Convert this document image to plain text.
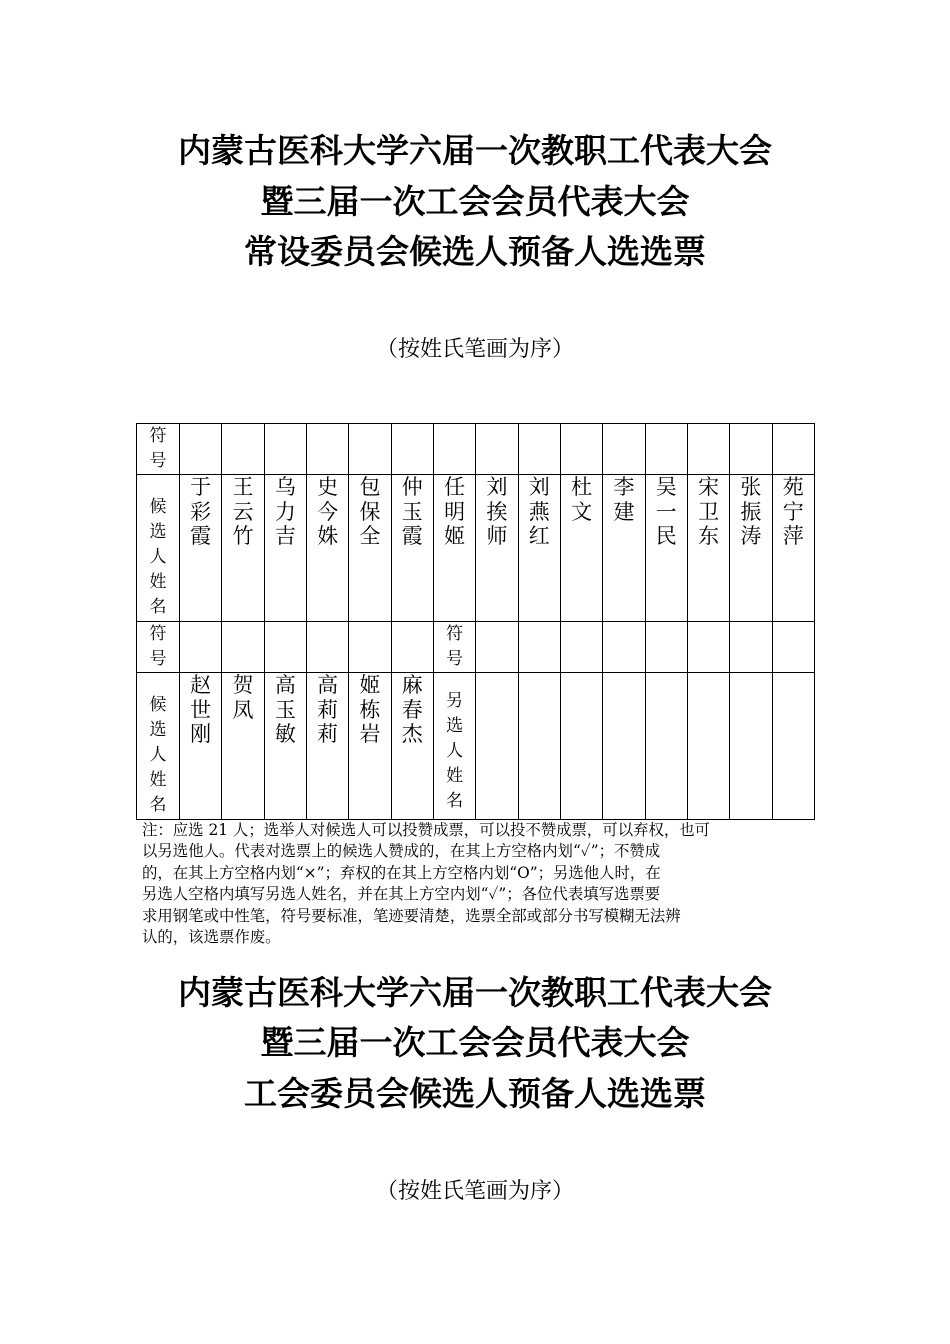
内蒙古医科大学六届一次教职工代表大会
暨三届一次工会会员代表大会
常设委员会候选人预备人选选票
（按姓氏笔画为序）
符号															
候选人姓名	于彩霞	王云竹	乌力吉	史今姝	包保全	仲玉霞	任明姬	刘挨师	刘燕红	杜　文	李　建	吴一民	宋卫东	张振涛	苑宁萍
符号							符号								
候选人姓名	赵世刚	贺　凤	高玉敏	高莉莉	姬栋岩	麻春杰	另选人姓名								
注：应选 21 人；选举人对候选人可以投赞成票，可以投不赞成票，可以弃权，也可
以另选他人。代表对选票上的候选人赞成的，在其上方空格内划“✓”；不赞成
的，在其上方空格内划“×”；弃权的在其上方空格内划“O”；另选他人时，在
另选人空格内填写另选人姓名，并在其上方空内划“✓”；各位代表填写选票要
求用钢笔或中性笔，符号要标准，笔迹要清楚，选票全部或部分书写模糊无法辨
认的，该选票作废。
内蒙古医科大学六届一次教职工代表大会
暨三届一次工会会员代表大会
工会委员会候选人预备人选选票
（按姓氏笔画为序）
